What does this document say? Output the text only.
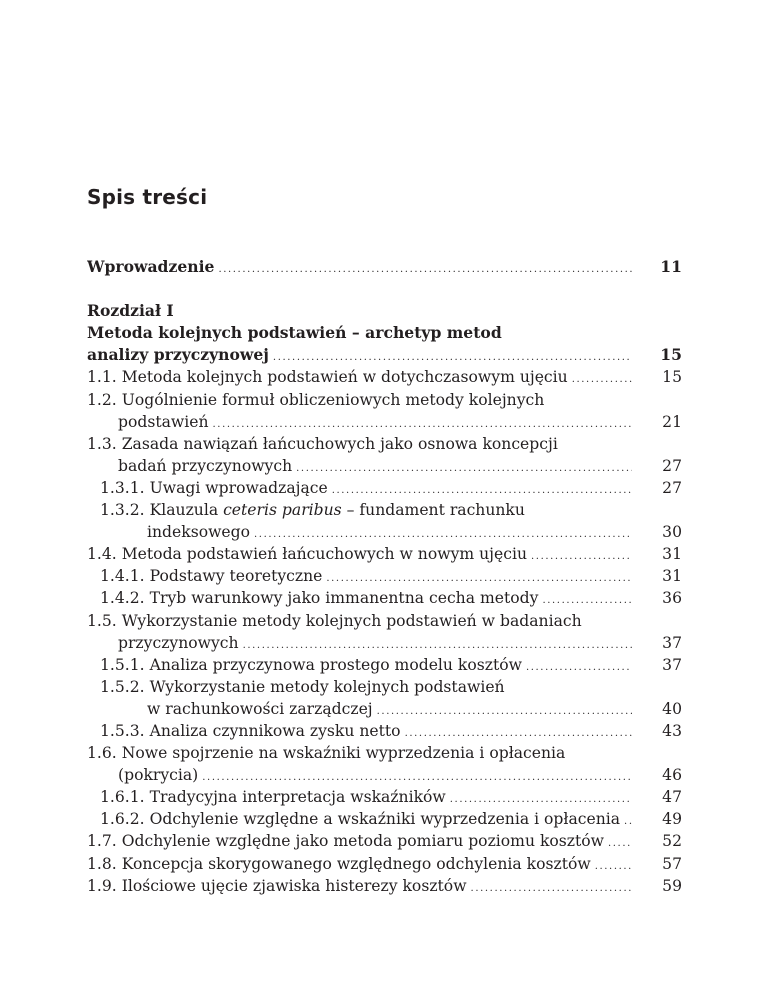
Spis treści
Wprowadzenie .....	11
Rozdział I
Metoda kolejnych podstawień – archetyp metod
analizy przyczynowej .....	15
1.1. Metoda kolejnych podstawień w dotychczasowym ujęciu .....	15
1.2. Uogólnienie formuł obliczeniowych metody kolejnych
podstawień .....	21
1.3. Zasada nawiązań łańcuchowych jako osnowa koncepcji
badań przyczynowych .....	27
1.3.1. Uwagi wprowadzające .....	27
1.3.2. Klauzula ceteris paribus – fundament rachunku
indeksowego .....	30
1.4. Metoda podstawień łańcuchowych w nowym ujęciu .....	31
1.4.1. Podstawy teoretyczne .....	31
1.4.2. Tryb warunkowy jako immanentna cecha metody .....	36
1.5. Wykorzystanie metody kolejnych podstawień w badaniach
przyczynowych .....	37
1.5.1. Analiza przyczynowa prostego modelu kosztów .....	37
1.5.2. Wykorzystanie metody kolejnych podstawień
w rachunkowości zarządczej .....	40
1.5.3. Analiza czynnikowa zysku netto .....	43
1.6. Nowe spojrzenie na wskaźniki wyprzedzenia i opłacenia
(pokrycia) .....	46
1.6.1. Tradycyjna interpretacja wskaźników .....	47
1.6.2. Odchylenie względne a wskaźniki wyprzedzenia i opłacenia .....	49
1.7. Odchylenie względne jako metoda pomiaru poziomu kosztów .....	52
1.8. Koncepcja skorygowanego względnego odchylenia kosztów .....	57
1.9. Ilościowe ujęcie zjawiska histerezy kosztów .....	59
